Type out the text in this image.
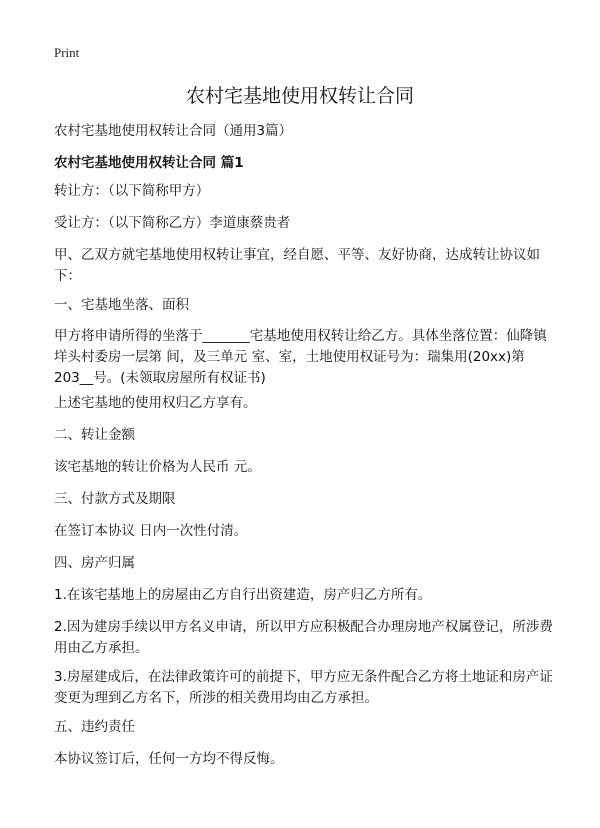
Print
农村宅基地使用权转让合同
农村宅基地使用权转让合同（通用3篇）
农村宅基地使用权转让合同 篇1
转让方：（以下简称甲方）
受让方：（以下简称乙方）李道康蔡贵者
甲、乙双方就宅基地使用权转让事宜，经自愿、平等、友好协商，达成转让协议如下：
一、宅基地坐落、面积
甲方将申请所得的坐落于_______宅基地使用权转让给乙方。具体坐落位置：仙降镇垟头村委房一层第 间，及三单元 室、室，土地使用权证号为：瑞集用(20xx)第203__号。(未领取房屋所有权证书)
上述宅基地的使用权归乙方享有。
二、转让金额
该宅基地的转让价格为人民币 元。
三、付款方式及期限
在签订本协议 日内一次性付清。
四、房产归属
1.在该宅基地上的房屋由乙方自行出资建造，房产归乙方所有。
2.因为建房手续以甲方名义申请，所以甲方应积极配合办理房地产权属登记，所涉费用由乙方承担。
3.房屋建成后，在法律政策许可的前提下，甲方应无条件配合乙方将土地证和房产证变更为理到乙方名下，所涉的相关费用均由乙方承担。
五、违约责任
本协议签订后，任何一方均不得反悔。
